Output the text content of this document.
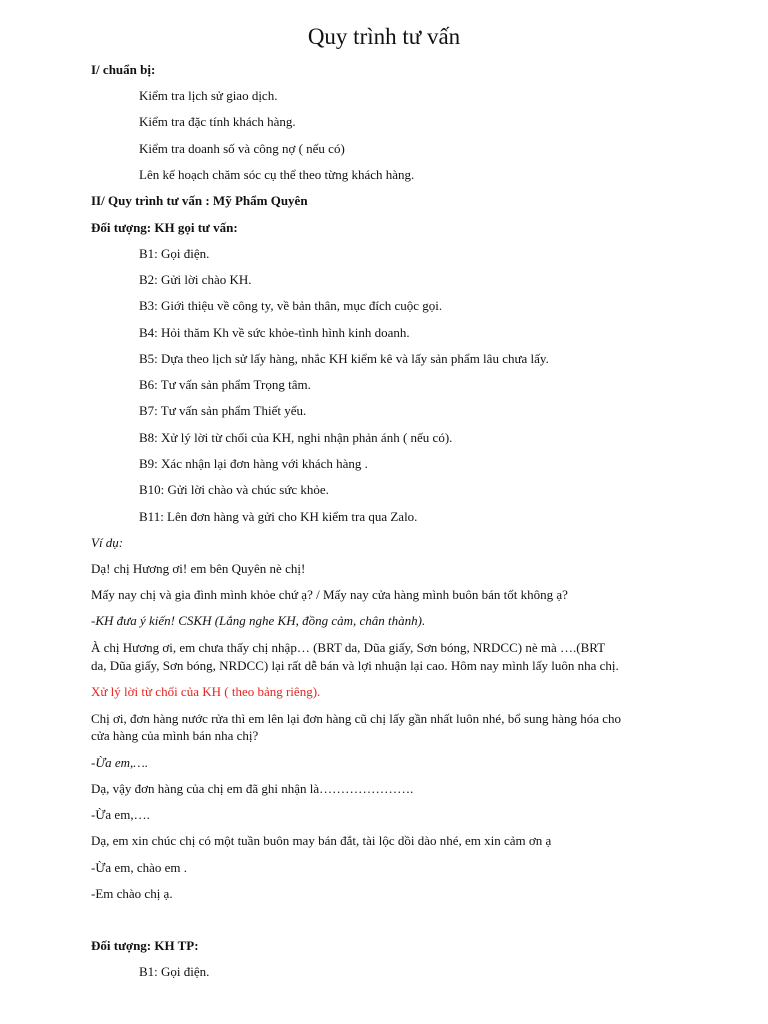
Quy trình tư vấn
I/ chuẩn bị:
Kiểm tra lịch sử giao dịch.
Kiểm tra đặc tính khách hàng.
Kiểm tra doanh số và công nợ ( nếu có)
Lên kế hoạch chăm sóc cụ thể theo từng khách hàng.
II/ Quy trình tư vấn : Mỹ Phẩm Quyên
Đối tượng: KH gọi tư vấn:
B1: Gọi điện.
B2: Gửi lời chào KH.
B3: Giới thiệu về công ty, về bản thân, mục đích cuộc gọi.
B4: Hỏi thăm Kh về sức khỏe-tình hình kinh doanh.
B5: Dựa theo lịch sử lấy hàng, nhắc KH kiểm kê và lấy sản phẩm lâu chưa lấy.
B6: Tư vấn sản phẩm Trọng tâm.
B7: Tư vấn sản phẩm Thiết yếu.
B8: Xử lý lời từ chối của KH, nghi nhận phản ánh ( nếu có).
B9: Xác nhận lại đơn hàng với khách hàng .
B10: Gửi lời chào và chúc sức khỏe.
B11: Lên đơn hàng và gửi cho KH kiểm tra qua Zalo.
Ví dụ:
Dạ! chị Hương ơi! em bên Quyên nè chị!
Mấy nay chị và gia đình mình khỏe chứ ạ? / Mấy nay cửa hàng mình buôn bán tốt không ạ?
-KH đưa ý kiến! CSKH (Lắng nghe KH, đồng cảm, chân thành).
À chị Hương ơi, em chưa thấy chị nhập… (BRT da, Dũa giấy, Sơn bóng, NRDCC) nè mà ….(BRT
da, Dũa giấy, Sơn bóng, NRDCC) lại rất dễ bán và lợi nhuận lại cao. Hôm nay mình lấy luôn nha chị.
Xử lý lời từ chối của KH ( theo bảng riêng).
Chị ơi, đơn hàng nước rửa thì em lên lại đơn hàng cũ chị lấy gần nhất luôn nhé, bổ sung hàng hóa cho
cửa hàng của mình bán nha chị?
-Ừa em,….
Dạ, vậy đơn hàng của chị em đã ghi nhận là………………….
-Ừa em,….
Dạ, em xin chúc chị có một tuần buôn may bán đắt, tài lộc dồi dào nhé, em xin cảm ơn ạ
-Ừa em, chào em .
-Em chào chị ạ.
Đối tượng: KH TP:
B1: Gọi điện.
